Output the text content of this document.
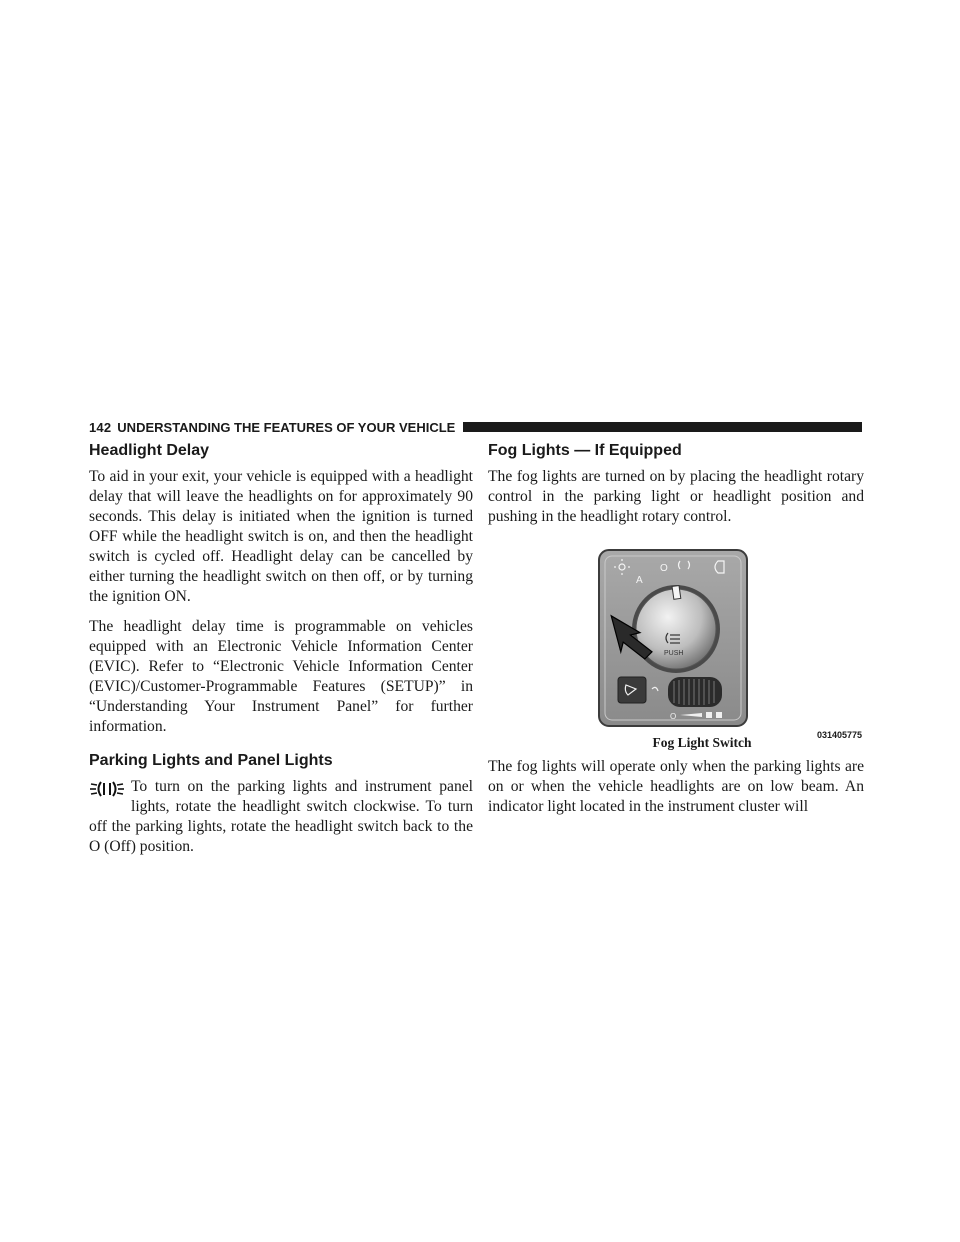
142 UNDERSTANDING THE FEATURES OF YOUR VEHICLE
Headlight Delay

To aid in your exit, your vehicle is equipped with a headlight delay that will leave the headlights on for approximately 90 seconds. This delay is initiated when the ignition is turned OFF while the headlight switch is on, and then the headlight switch is cycled off. Headlight delay can be cancelled by either turning the headlight switch on then off, or by turning the ignition ON.

The headlight delay time is programmable on vehicles equipped with an Electronic Vehicle Information Center (EVIC). Refer to “Electronic Vehicle Information Center (EVIC)/Customer-Programmable Features (SETUP)” in “Understanding Your Instrument Panel” for further information.

Parking Lights and Panel Lights

To turn on the parking lights and instrument panel lights, rotate the headlight switch clockwise. To turn off the parking lights, rotate the headlight switch back to the O (Off) position.

Fog Lights — If Equipped

The fog lights are turned on by placing the headlight rotary control in the parking light or headlight position and pushing in the headlight rotary control.

O
A
PUSH
O
031405775
Fog Light Switch

The fog lights will operate only when the parking lights are on or when the vehicle headlights are on low beam. An indicator light located in the instrument cluster will
